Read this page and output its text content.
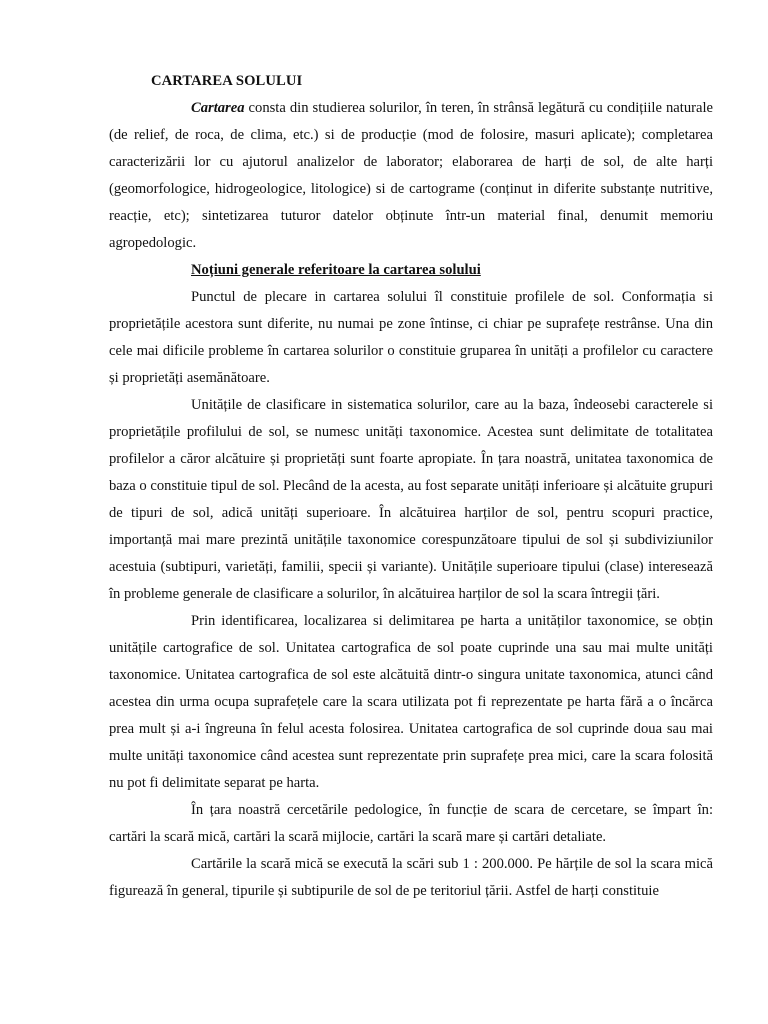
CARTAREA SOLULUI

Cartarea consta din studierea solurilor, în teren, în strânsă legătură cu condițiile naturale (de relief, de roca, de clima, etc.) si de producție (mod de folosire, masuri aplicate); completarea caracterizării lor cu ajutorul analizelor de laborator; elaborarea de harți de sol, de alte harți (geomorfologice, hidrogeologice, litologice) si de cartograme (conținut in diferite substanțe nutritive, reacție, etc); sintetizarea tuturor datelor obținute într-un material final, denumit memoriu agropedologic.

Noțiuni generale referitoare la cartarea solului

Punctul de plecare in cartarea solului îl constituie profilele de sol. Conformația si proprietățile acestora sunt diferite, nu numai pe zone întinse, ci chiar pe suprafețe restrânse. Una din cele mai dificile probleme în cartarea solurilor o constituie gruparea în unități a profilelor cu caractere și proprietăți asemănătoare.

Unitățile de clasificare in sistematica solurilor, care au la baza, îndeosebi caracterele si proprietățile profilului de sol, se numesc unități taxonomice. Acestea sunt delimitate de totalitatea profilelor a căror alcătuire și proprietăți sunt foarte apropiate. În țara noastră, unitatea taxonomica de baza o constituie tipul de sol. Plecând de la acesta, au fost separate unități inferioare și alcătuite grupuri de tipuri de sol, adică unități superioare. În alcătuirea harților de sol, pentru scopuri practice, importanță mai mare prezintă unitățile taxonomice corespunzătoare tipului de sol și subdiviziunilor acestuia (subtipuri, varietăți, familii, specii și variante). Unitățile superioare tipului (clase) interesează în probleme generale de clasificare a solurilor, în alcătuirea harților de sol la scara întregii țări.

Prin identificarea, localizarea si delimitarea pe harta a unităților taxonomice, se obțin unitățile cartografice de sol. Unitatea cartografica de sol poate cuprinde una sau mai multe unități taxonomice. Unitatea cartografica de sol este alcătuită dintr-o singura unitate taxonomica, atunci când acestea din urma ocupa suprafețele care la scara utilizata pot fi reprezentate pe harta fără a o încărca prea mult și a-i îngreuna în felul acesta folosirea. Unitatea cartografica de sol cuprinde doua sau mai multe unități taxonomice când acestea sunt reprezentate prin suprafețe prea mici, care la scara folosită nu pot fi delimitate separat pe harta.

În țara noastră cercetările pedologice, în funcție de scara de cercetare, se împart în: cartări la scară mică, cartări la scară mijlocie, cartări la scară mare și cartări detaliate.

Cartările la scară mică se execută la scări sub 1 : 200.000. Pe hărțile de sol la scara mică figurează în general, tipurile și subtipurile de sol de pe teritoriul țării. Astfel de harți constituie
